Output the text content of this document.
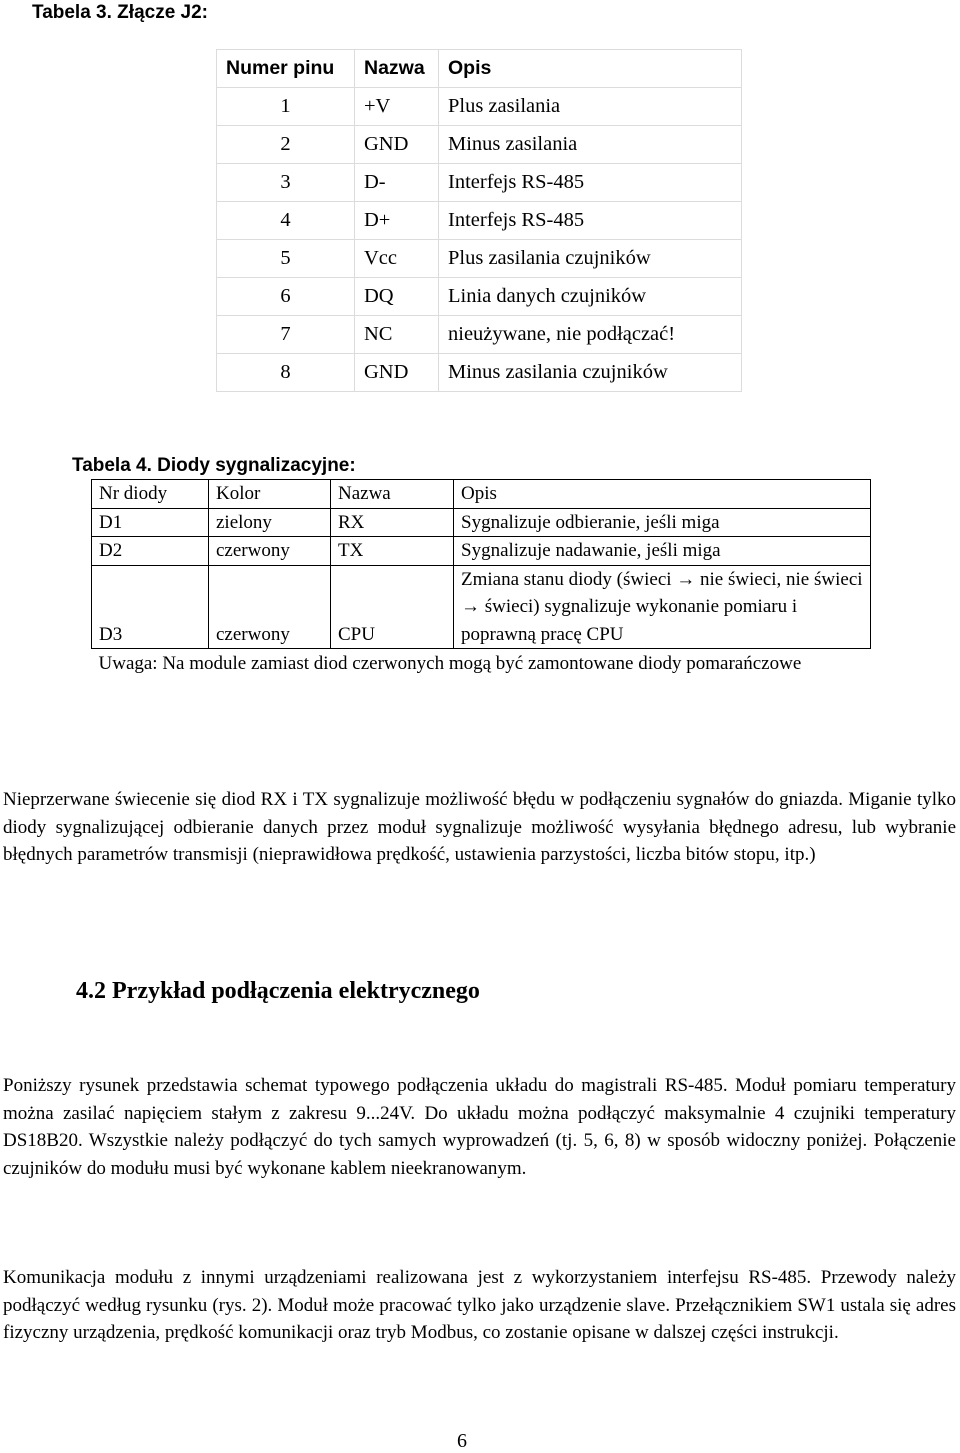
Tabela 3. Złącze J2:
Numer pinu	Nazwa	Opis
1	+V	Plus zasilania
2	GND	Minus zasilania
3	D-	Interfejs RS-485
4	D+	Interfejs RS-485
5	Vcc	Plus zasilania czujników
6	DQ	Linia danych czujników
7	NC	nieużywane, nie podłączać!
8	GND	Minus zasilania czujników
Tabela 4. Diody sygnalizacyjne:
Nr diody	Kolor	Nazwa	Opis
D1	zielony	RX	Sygnalizuje odbieranie, jeśli miga
D2	czerwony	TX	Sygnalizuje nadawanie, jeśli miga
D3	czerwony	CPU	Zmiana stanu diody (świeci → nie świeci, nie świeci → świeci) sygnalizuje wykonanie pomiaru i poprawną pracę CPU
Uwaga: Na module zamiast diod czerwonych mogą być zamontowane diody pomarańczowe			

Nieprzerwane świecenie się diod RX i TX sygnalizuje możliwość błędu w podłączeniu sygnałów do gniazda. Miganie tylko diody sygnalizującej odbieranie danych przez moduł sygnalizuje możliwość wysyłania błędnego adresu, lub wybranie błędnych parametrów transmisji (nieprawidłowa prędkość, ustawienia parzystości, liczba bitów stopu, itp.)

4.2 Przykład podłączenia elektrycznego

Poniższy rysunek przedstawia schemat typowego podłączenia układu do magistrali RS-485. Moduł pomiaru temperatury można zasilać napięciem stałym z zakresu 9...24V. Do układu można podłączyć maksymalnie 4 czujniki temperatury DS18B20. Wszystkie należy podłączyć do tych samych wyprowadzeń (tj. 5, 6, 8) w sposób widoczny poniżej. Połączenie czujników do modułu musi być wykonane kablem nieekranowanym.

Komunikacja modułu z innymi urządzeniami realizowana jest z wykorzystaniem interfejsu RS-485. Przewody należy podłączyć według rysunku (rys. 2). Moduł może pracować tylko jako urządzenie slave. Przełącznikiem SW1 ustala się adres fizyczny urządzenia, prędkość komunikacji oraz tryb Modbus, co zostanie opisane w dalszej części instrukcji.

6
